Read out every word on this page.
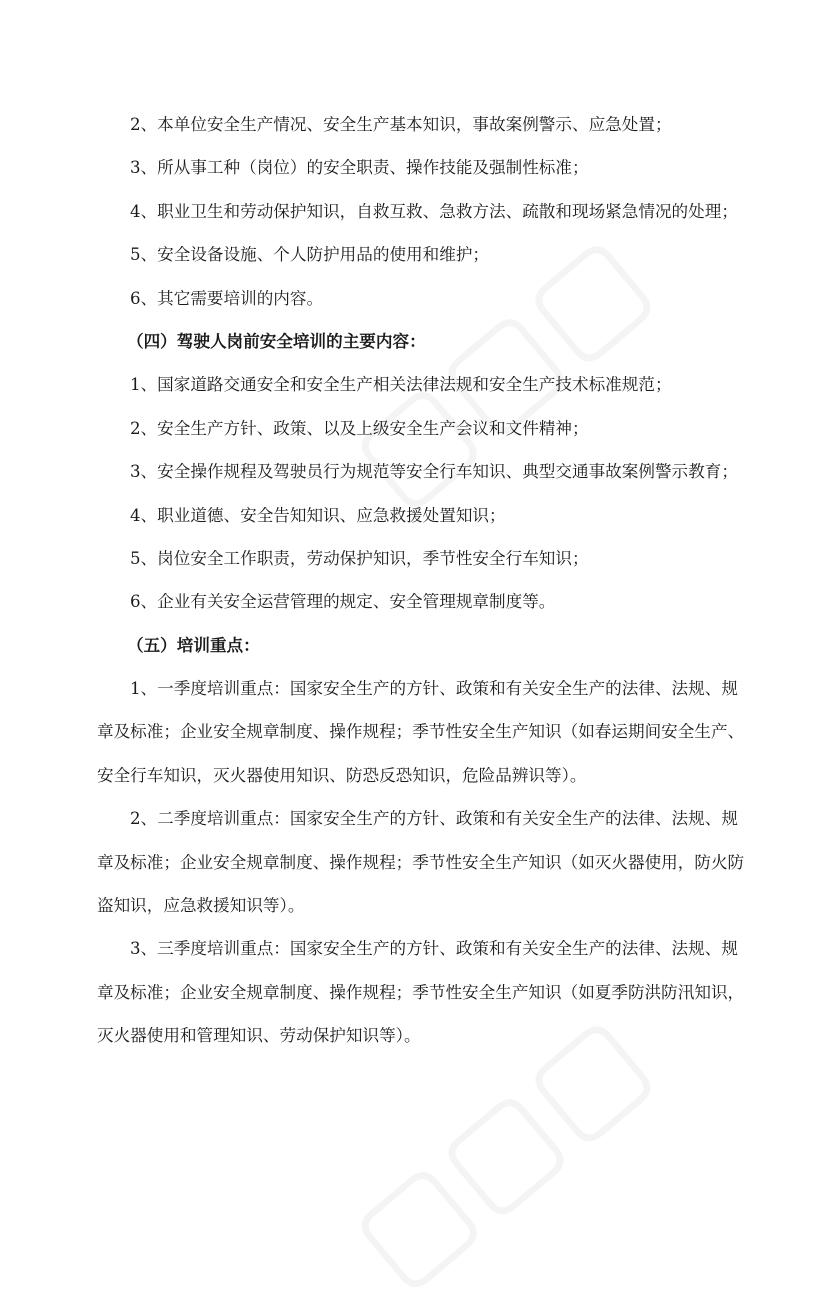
2、本单位安全生产情况、安全生产基本知识，事故案例警示、应急处置；
3、所从事工种（岗位）的安全职责、操作技能及强制性标准；
4、职业卫生和劳动保护知识，自救互救、急救方法、疏散和现场紧急情况的处理；
5、安全设备设施、个人防护用品的使用和维护；
6、其它需要培训的内容。
（四）驾驶人岗前安全培训的主要内容：
1、国家道路交通安全和安全生产相关法律法规和安全生产技术标准规范；
2、安全生产方针、政策、以及上级安全生产会议和文件精神；
3、安全操作规程及驾驶员行为规范等安全行车知识、典型交通事故案例警示教育；
4、职业道德、安全告知知识、应急救援处置知识；
5、岗位安全工作职责，劳动保护知识，季节性安全行车知识；
6、企业有关安全运营管理的规定、安全管理规章制度等。
（五）培训重点：
1、一季度培训重点：国家安全生产的方针、政策和有关安全生产的法律、法规、规
章及标准；企业安全规章制度、操作规程；季节性安全生产知识（如春运期间安全生产、
安全行车知识，灭火器使用知识、防恐反恐知识，危险品辨识等）。
2、二季度培训重点：国家安全生产的方针、政策和有关安全生产的法律、法规、规
章及标准；企业安全规章制度、操作规程；季节性安全生产知识（如灭火器使用，防火防
盗知识，应急救援知识等）。
3、三季度培训重点：国家安全生产的方针、政策和有关安全生产的法律、法规、规
章及标准；企业安全规章制度、操作规程；季节性安全生产知识（如夏季防洪防汛知识，
灭火器使用和管理知识、劳动保护知识等）。
